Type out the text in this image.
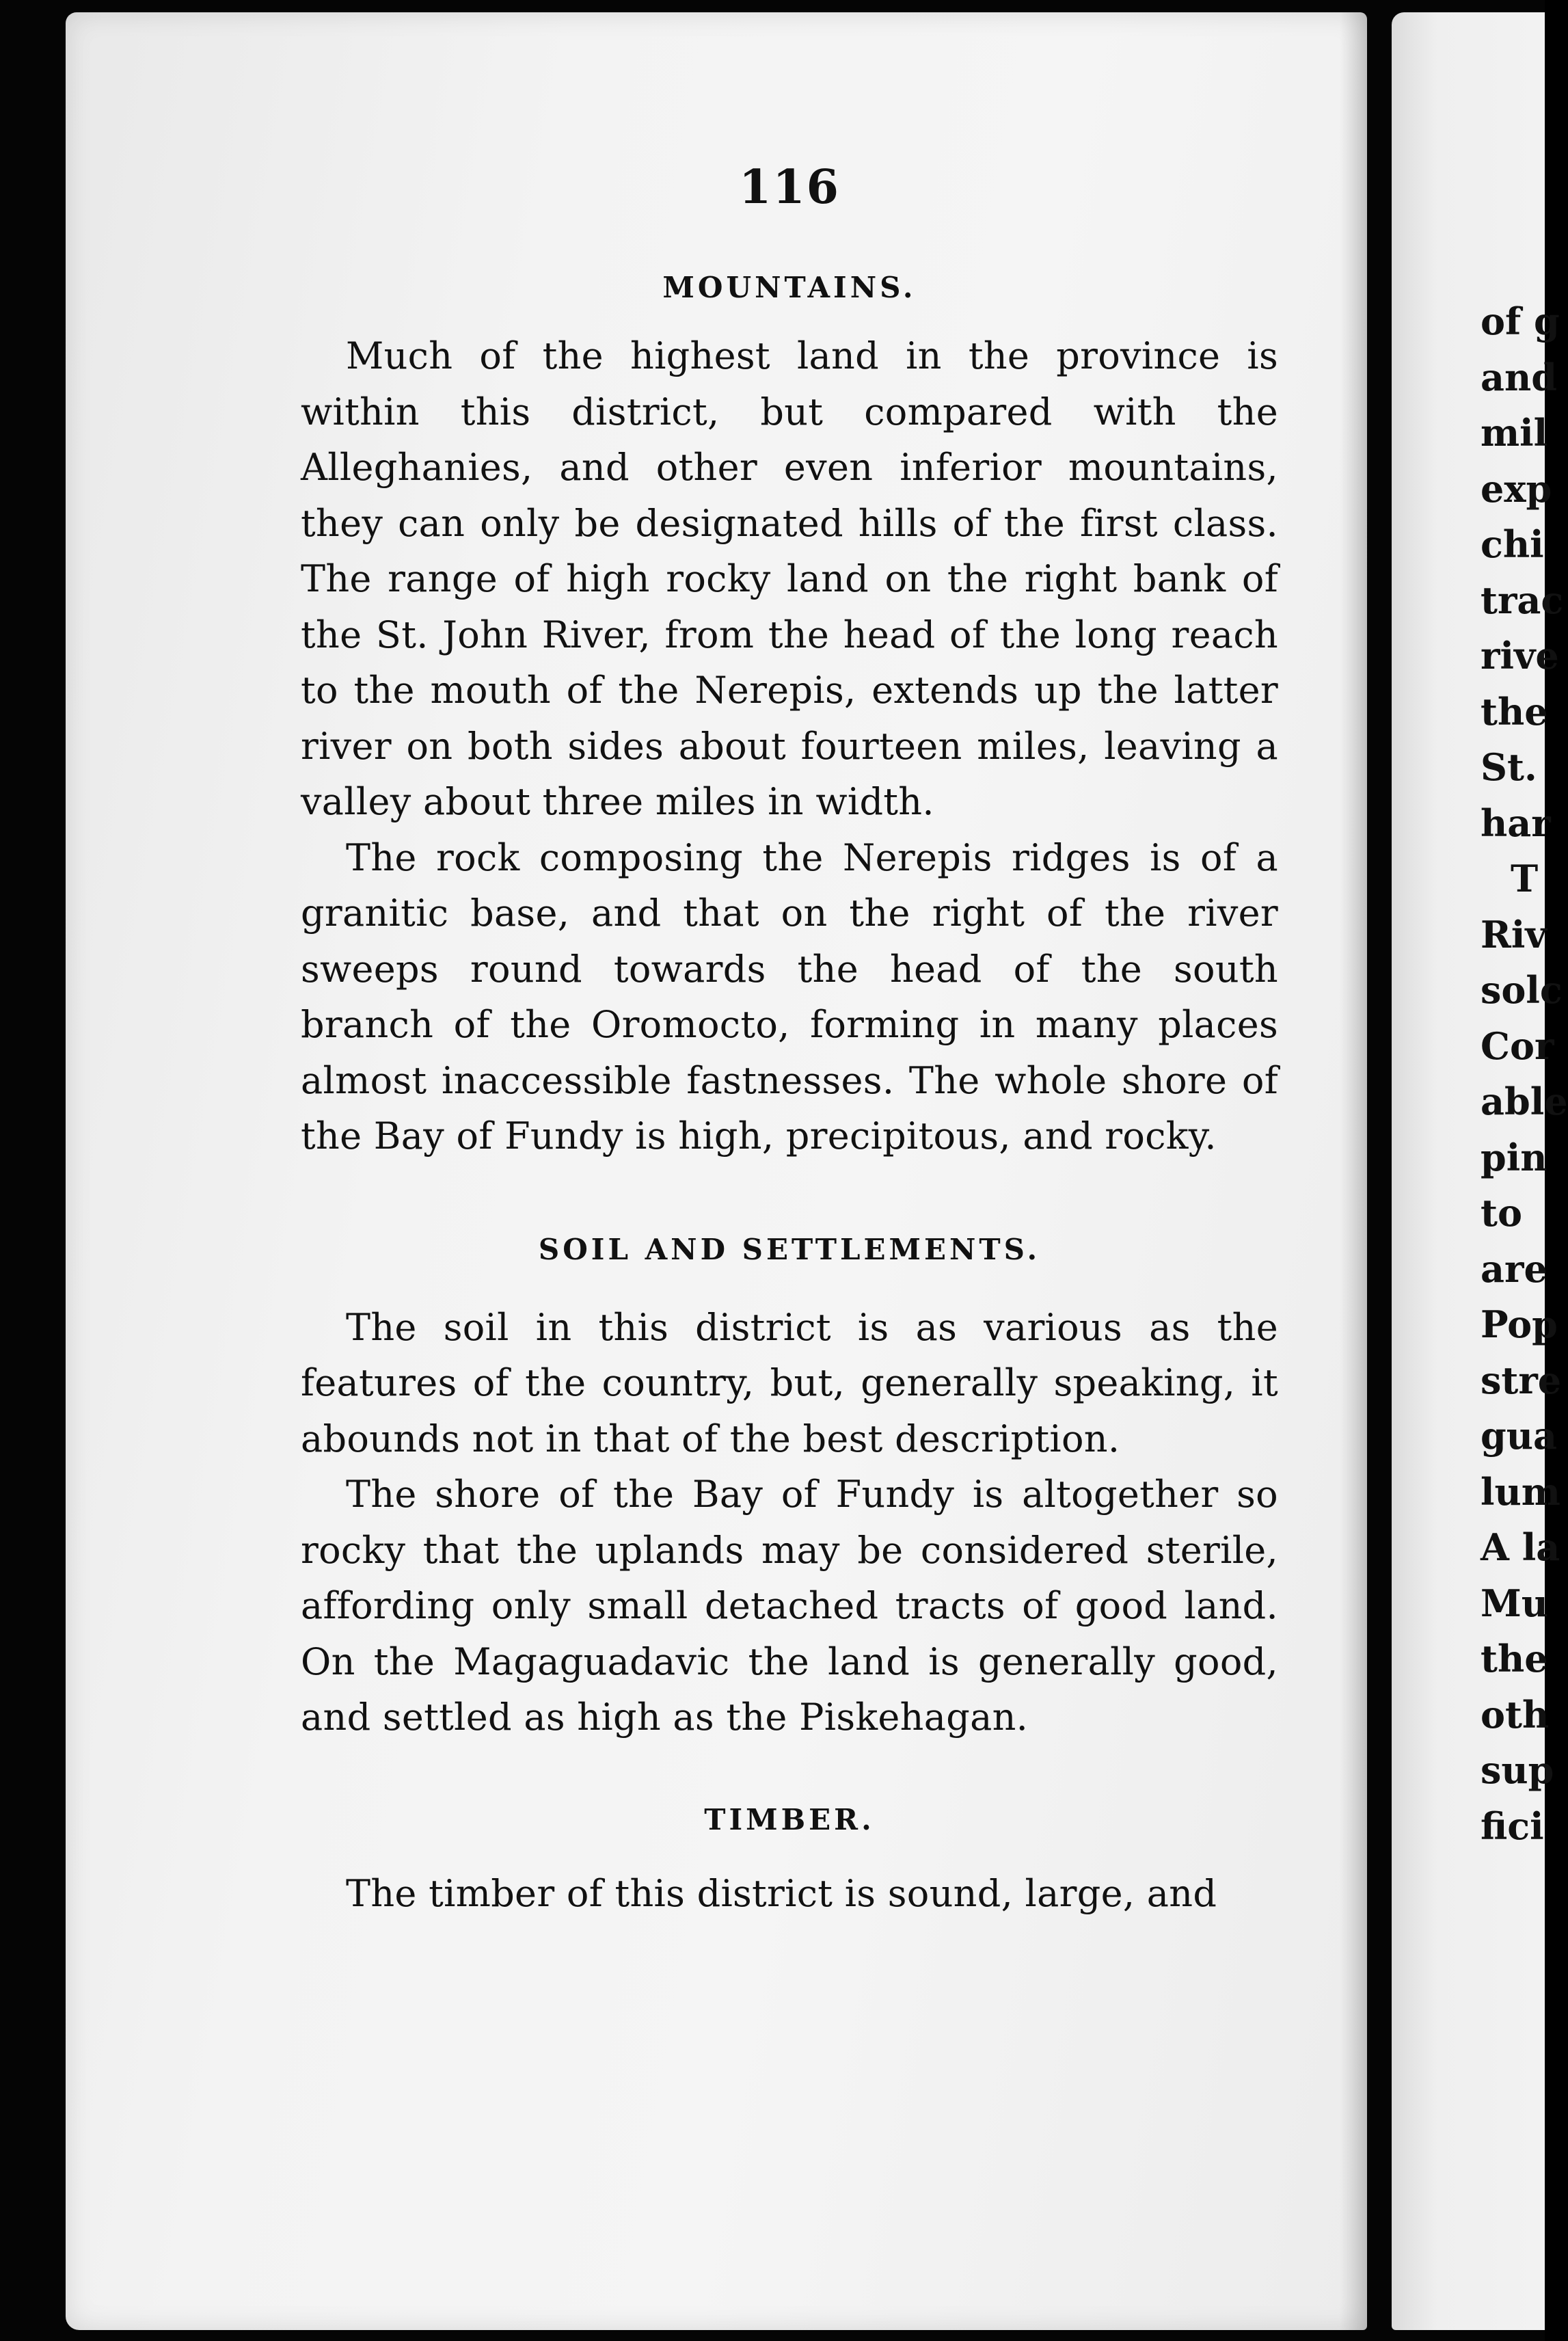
116
MOUNTAINS.

Much of the highest land in the province is within this district, but compared with the Alleghanies, and other even inferior mountains, they can only be designated hills of the first class. The range of high rocky land on the right bank of the St. John River, from the head of the long reach to the mouth of the Nerepis, extends up the latter river on both sides about fourteen miles, leaving a valley about three miles in width.

The rock composing the Nerepis ridges is of a granitic base, and that on the right of the river sweeps round towards the head of the south branch of the Oromocto, forming in many places almost inaccessible fastnesses. The whole shore of the Bay of Fundy is high, precipitous, and rocky.

SOIL AND SETTLEMENTS.

The soil in this district is as various as the features of the country, but, generally speaking, it abounds not in that of the best description.

The shore of the Bay of Fundy is altogether so rocky that the uplands may be considered sterile, affording only small detached tracts of good land. On the Magaguadavic the land is generally good, and settled as high as the Piskehagan.

TIMBER.

The timber of this district is sound, large, and

of g
and
mil
exp
chi
trac
rive
the
St.
har
T
Riv
solc
Cor
able
pin
to
are
Pop
stre
gua
lum
A la
Mu
the
oth
sup
fici
